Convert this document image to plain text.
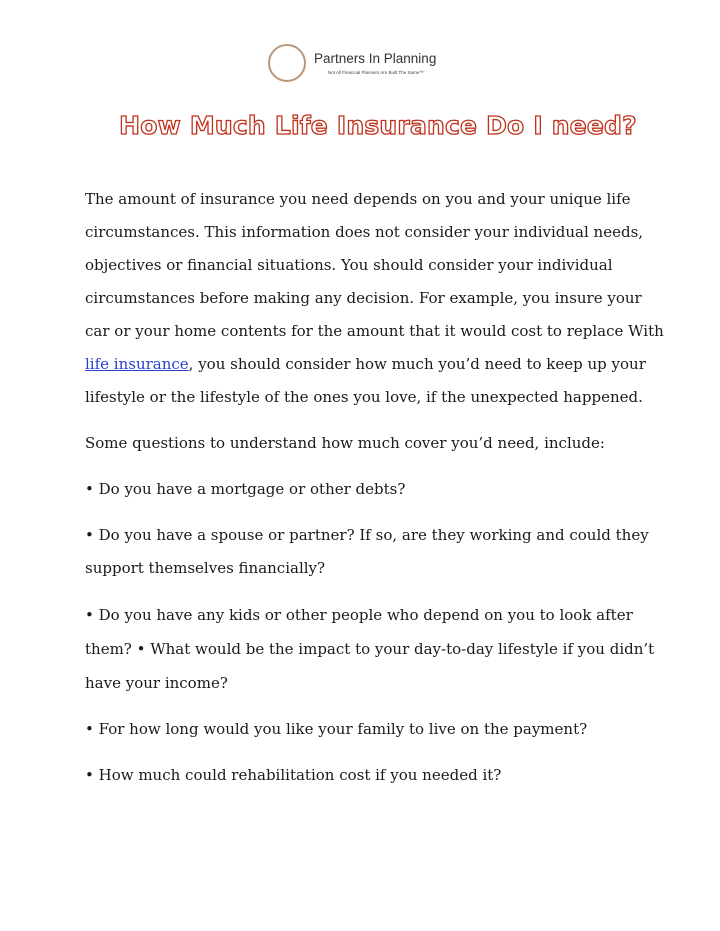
Partners In Planning
Not All Financial Planners Are Built The Same™
How Much Life Insurance Do I need?

The amount of insurance you need depends on you and your unique life circumstances. This information does not consider your individual needs, objectives or financial situations. You should consider your individual circumstances before making any decision. For example, you insure your car or your home contents for the amount that it would cost to replace With life insurance, you should consider how much you’d need to keep up your lifestyle or the lifestyle of the ones you love, if the unexpected happened.

Some questions to understand how much cover you’d need, include:

• Do you have a mortgage or other debts?

• Do you have a spouse or partner? If so, are they working and could they support themselves financially?

• Do you have any kids or other people who depend on you to look after them? • What would be the impact to your day-to-day lifestyle if you didn’t have your income?

• For how long would you like your family to live on the payment?

• How much could rehabilitation cost if you needed it?
